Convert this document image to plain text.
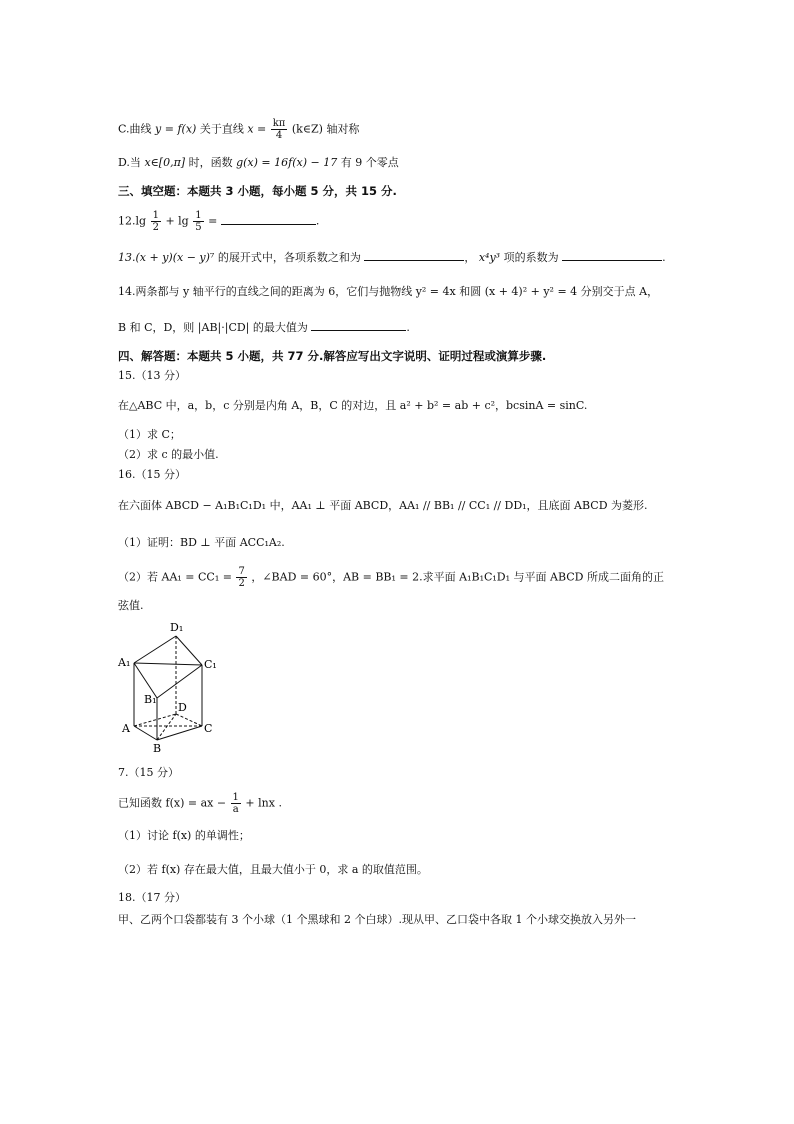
C.曲线 y = f(x) 关于直线 $x = \frac{k\pi}{4}$ (k∈Z) 轴对称
D.当 x∈[0,π] 时，函数 g(x) = 16f(x) − 17 有 9 个零点
三、填空题：本题共 3 小题，每小题 5 分，共 15 分.
$12.\lg \frac{1}{2} + \lg \frac{1}{5}$ =	.
13.(x + y)(x − y)⁷ 的展开式中，各项系数之和为	， x⁴y³ 项的系数为	.
14.两条都与 y 轴平行的直线之间的距离为 6，它们与抛物线 y² = 4x 和圆 (x + 4)² + y² = 4 分别交于点 A，
B 和 C，D，则 |AB|·|CD| 的最大值为	.
四、解答题：本题共 5 小题，共 77 分.解答应写出文字说明、证明过程或演算步骤.
15.（13 分）
在△ABC 中，a，b，c 分别是内角 A，B，C 的对边，且 a² + b² = ab + c²，bcsinA = sinC.
（1）求 C；
（2）求 c 的最小值.
16.（15 分）
在六面体 ABCD − A₁B₁C₁D₁ 中，AA₁ ⊥ 平面 ABCD，AA₁ // BB₁ // CC₁ // DD₁，且底面 ABCD 为菱形.
（1）证明：BD ⊥ 平面 ACC₁A₂.
（2）若 $AA_1 = CC_1 = \frac{7}{2}$ ，∠BAD = 60°，AB = BB₁ = 2.求平面 A₁B₁C₁D₁ 与平面 ABCD 所成二面角的正
弦值.
D₁
A₁	C₁
B₁
D
A	C
B
7.（15 分）
已知函数 f(x) = ax − $\frac{1}{a} + \ln x$ .
（1）讨论 f(x) 的单调性；
（2）若 f(x) 存在最大值，且最大值小于 0，求 a 的取值范围。
18.（17 分）
甲、乙两个口袋都装有 3 个小球（1 个黑球和 2 个白球）.现从甲、乙口袋中各取 1 个小球交换放入另外一
